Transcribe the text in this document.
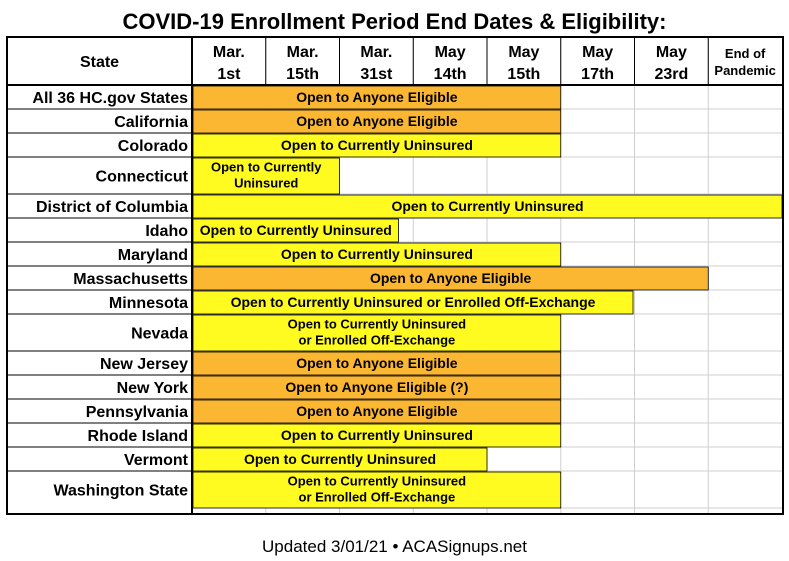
COVID-19 Enrollment Period End Dates & Eligibility:
Open to Anyone Eligible
Open to Anyone Eligible
Open to Currently Uninsured
Open to Currently
Uninsured
Open to Currently Uninsured
Open to Currently Uninsured
Open to Currently Uninsured
Open to Anyone Eligible
Open to Currently Uninsured or Enrolled Off-Exchange
Open to Currently Uninsured
or Enrolled Off-Exchange
Open to Anyone Eligible
Open to Anyone Eligible (?)
Open to Anyone Eligible
Open to Currently Uninsured
Open to Currently Uninsured
Open to Currently Uninsured
or Enrolled Off-Exchange
All 36 HC.gov States
California
Colorado
Connecticut
District of Columbia
Idaho
Maryland
Massachusetts
Minnesota
Nevada
New Jersey
New York
Pennsylvania
Rhode Island
Vermont
Washington State
State
Mar.
1st
Mar.
15th
Mar.
31st
May
14th
May
15th
May
17th
May
23rd
End of
Pandemic
Updated 3/01/21 • ACASignups.net
